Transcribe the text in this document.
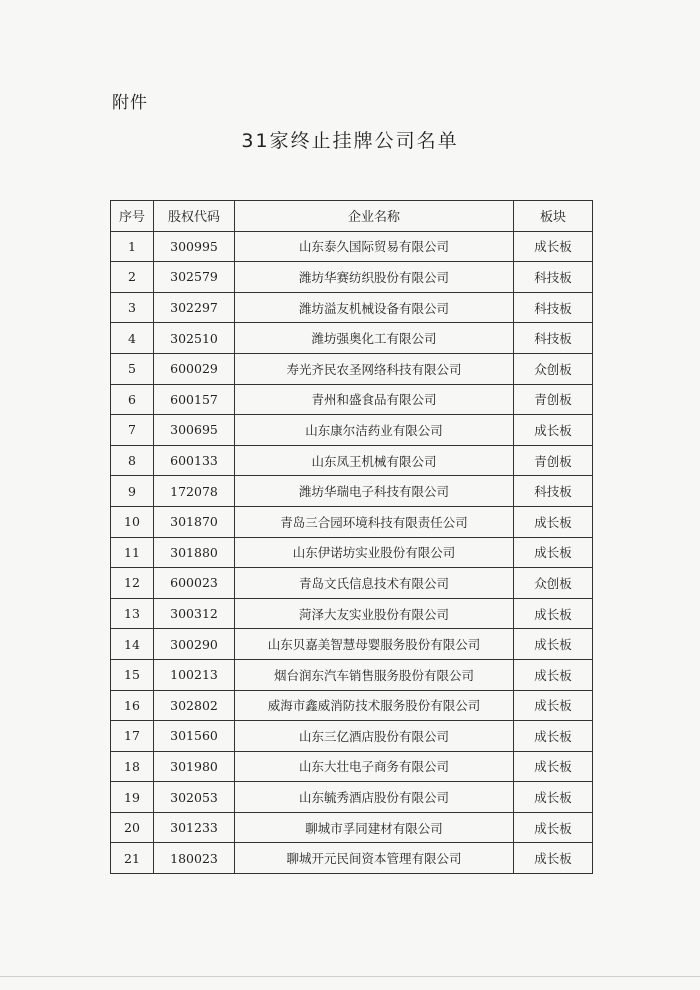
附件
31家终止挂牌公司名单
序号	股权代码	企业名称	板块
1	300995	山东泰久国际贸易有限公司	成长板
2	302579	潍坊华赛纺织股份有限公司	科技板
3	302297	潍坊溢友机械设备有限公司	科技板
4	302510	潍坊强奥化工有限公司	科技板
5	600029	寿光齐民农圣网络科技有限公司	众创板
6	600157	青州和盛食品有限公司	青创板
7	300695	山东康尔洁药业有限公司	成长板
8	600133	山东凤王机械有限公司	青创板
9	172078	潍坊华瑞电子科技有限公司	科技板
10	301870	青岛三合园环境科技有限责任公司	成长板
11	301880	山东伊诺坊实业股份有限公司	成长板
12	600023	青岛文氏信息技术有限公司	众创板
13	300312	菏泽大友实业股份有限公司	成长板
14	300290	山东贝嘉美智慧母婴服务股份有限公司	成长板
15	100213	烟台润东汽车销售服务股份有限公司	成长板
16	302802	威海市鑫威消防技术服务股份有限公司	成长板
17	301560	山东三亿酒店股份有限公司	成长板
18	301980	山东大壮电子商务有限公司	成长板
19	302053	山东毓秀酒店股份有限公司	成长板
20	301233	聊城市孚同建材有限公司	成长板
21	180023	聊城开元民间资本管理有限公司	成长板
